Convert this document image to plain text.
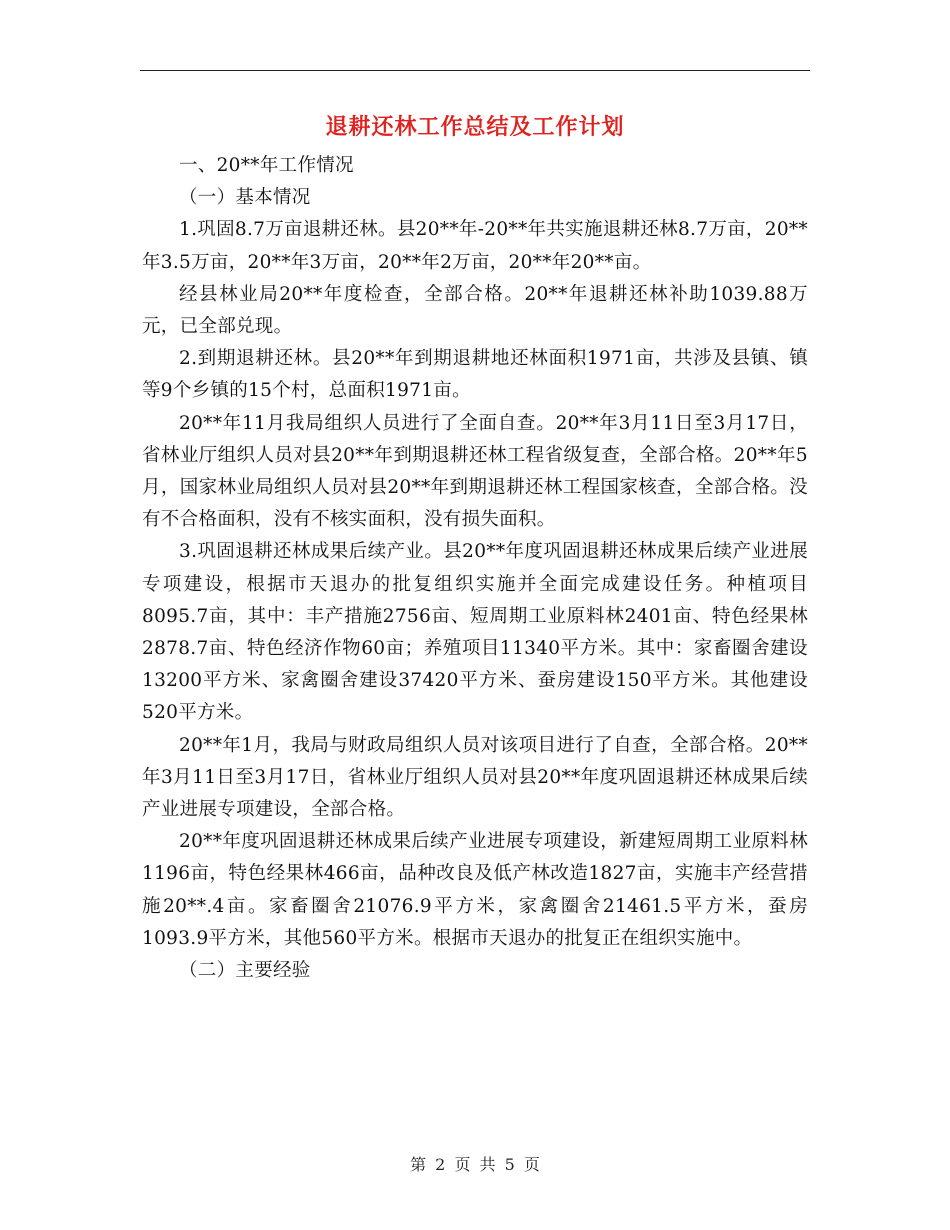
退耕还林工作总结及工作计划

一、20**年工作情况

（一）基本情况

1.巩固8.7万亩退耕还林。县20**年-20**年共实施退耕还林8.7万亩，20**年3.5万亩，20**年3万亩，20**年2万亩，20**年20**亩。

经县林业局20**年度检查，全部合格。20**年退耕还林补助1039.88万元，已全部兑现。

2.到期退耕还林。县20**年到期退耕地还林面积1971亩，共涉及县镇、镇等9个乡镇的15个村，总面积1971亩。

20**年11月我局组织人员进行了全面自查。20**年3月11日至3月17日，省林业厅组织人员对县20**年到期退耕还林工程省级复查，全部合格。20**年5月，国家林业局组织人员对县20**年到期退耕还林工程国家核查，全部合格。没有不合格面积，没有不核实面积，没有损失面积。

3.巩固退耕还林成果后续产业。县20**年度巩固退耕还林成果后续产业进展专项建设，根据市天退办的批复组织实施并全面完成建设任务。种植项目8095.7亩，其中：丰产措施2756亩、短周期工业原料林2401亩、特色经果林2878.7亩、特色经济作物60亩；养殖项目11340平方米。其中：家畜圈舍建设13200平方米、家禽圈舍建设37420平方米、蚕房建设150平方米。其他建设520平方米。

20**年1月，我局与财政局组织人员对该项目进行了自查，全部合格。20**年3月11日至3月17日，省林业厅组织人员对县20**年度巩固退耕还林成果后续产业进展专项建设，全部合格。

20**年度巩固退耕还林成果后续产业进展专项建设，新建短周期工业原料林1196亩，特色经果林466亩，品种改良及低产林改造1827亩，实施丰产经营措施20**.4亩。家畜圈舍21076.9平方米，家禽圈舍21461.5平方米，蚕房1093.9平方米，其他560平方米。根据市天退办的批复正在组织实施中。

（二）主要经验

第 2 页 共 5 页
